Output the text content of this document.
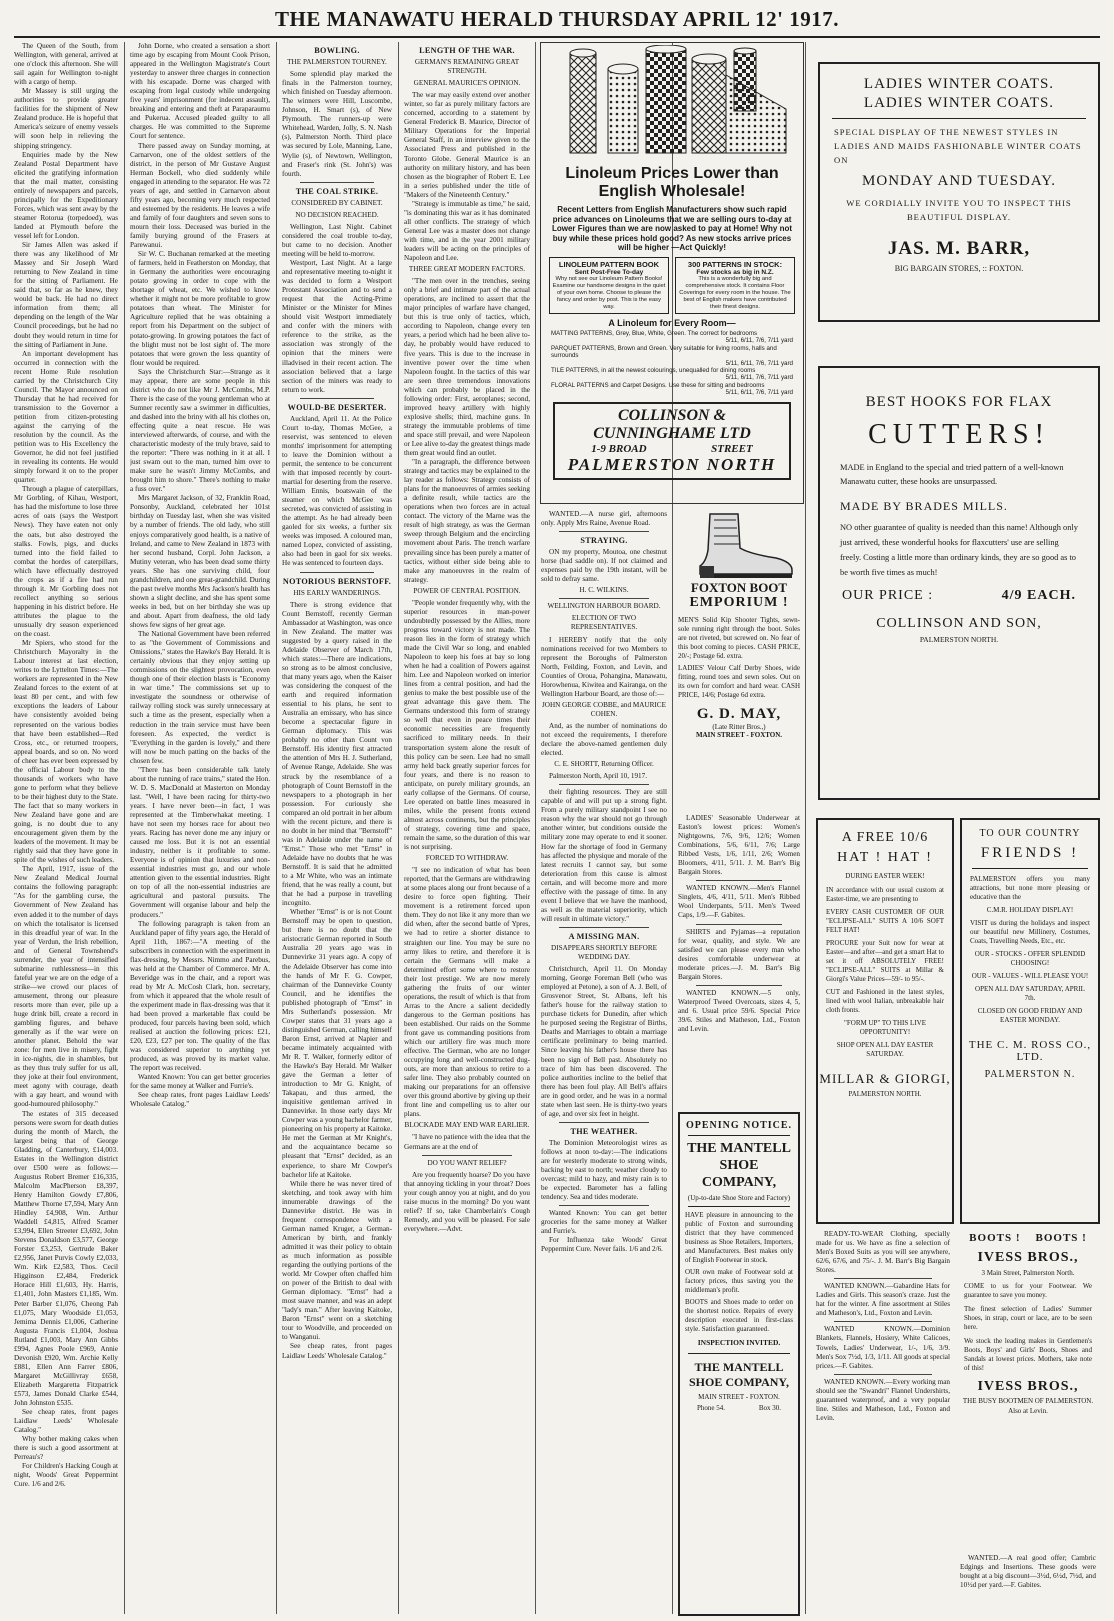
THE MANAWATU HERALD THURSDAY APRIL 12' 1917.

The Queen of the South, from Wellington, with general, arrived at one o'clock this afternoon. She will sail again for Wellington to-night with a cargo of hemp.

Mr Massey is still urging the authorities to provide greater facilities for the shipment of New Zealand produce. He is hopeful that America's seizure of enemy vessels will soon help in relieving the shipping stringency.

Enquiries made by the New Zealand Postal Department have elicited the gratifying information that the mail matter, consisting entirely of newspapers and parcels, principally for the Expeditionary Forces, which was sent away by the steamer Rotorua (torpedoed), was landed at Plymouth before the vessel left for London.

Sir James Allen was asked if there was any likelihood of Mr Massey and Sir Joseph Ward returning to New Zealand in time for the sitting of Parliament. He said that, so far as he knew, they would be back. He had no direct information from them; all depending on the length of the War Council proceedings, but he had no doubt they would return in time for the sitting of Parliament in June.

An important development has occurred in connection with the recent Home Rule resolution carried by the Christchurch City Council. The Mayor announced on Thursday that he had received for transmission to the Governor a petition from citizen-protesting against the carrying of the resolution by the council. As the petition was to His Excellency the Governor, he did not feel justified in revealing its contents. He would simply forward it on to the proper quarter.

Through a plague of caterpillars, Mr Gorbling, of Kihau, Westport, has had the misfortune to lose three acres of oats (says the Westport News). They have eaten not only the oats, but also destroyed the stalks. Fowls, pigs, and ducks turned into the field failed to combat the hordes of caterpillars, which have effectually destroyed the crops as if a fire had run through it. Mr Gorbling does not recollect anything so serious happening in his district before. He attributes the plague to the unusually dry season experienced on the coast.

Mr Spiers, who stood for the Christchurch Mayoralty in the Labour interest at last election, writes to the Lyttelton Times:—The workers are represented in the New Zealand forces to the extent of at least 80 per cent., and with few exceptions the leaders of Labour have consistently avoided being represented on the various bodies that have been established—Red Cross, etc., or returned troopers, appeal boards, and so on. No word of cheer has ever been expressed by the official Labour body to the thousands of workers who have gone to perform what they believe to be their highest duty to the State. The fact that so many workers in New Zealand have gone and are going, is no doubt due to any encouragement given them by the leaders of the movement. It may be rightly said that they have gone in spite of the wishes of such leaders.

The April, 1917, issue of the New Zealand Medical Journal contains the following paragraph: "As for the gambling curse, the Government of New Zealand has even added it to the number of days on which the totalisator is licensed in this dreadful year of war. In the year of Verdun, the Irish rebellion, and of General Townshend's surrender, the year of intensified submarine ruthlessness—in this fateful year we are on the edge of a strike—we crowd our places of amusement, throng our pleasure resorts more than ever, pile up a huge drink bill, create a record in gambling figures, and behave generally as if the war were on another planet. Behold the war zone: for men live in misery, fight in ice-nights, die in shambles, but as they thus truly suffer for us all, they joke at their foul environment, meet agony with courage, death with a gay heart, and wound with good-humoured philosophy."

The estates of 315 deceased persons were sworn for death duties during the month of March, the largest being that of George Gladding, of Canterbury, £14,003. Estates in the Wellington district over £500 were as follows:—Augustus Robert Bremer £16,335, Malcolm MacPherson £8,397, Henry Hamilton Gowdy £7,806, Matthew Thorne £7,594, Mary Ann Hindley £4,908, Wm. Arthur Waddell £4,815, Alfred Scamer £3,994, Ellen Streeter £3,692, John Stevens Donaldson £3,577, George Forster £3,253, Gertrude Baker £2,956, Janet Purvis Cowly £2,033, Wm. Kirk £2,583, Thos. Cecil Higginson £2,484, Frederick Horace Hill £1,603, Hy. Harris, £1,401, John Masters £1,185, Wm. Peter Barber £1,076, Cheong Pah £1,075, Mary Woodside £1,053, Jemima Dennis £1,006, Catherine Augusta Francis £1,004, Joshua Rutland £1,003, Mary Ann Gibbs £994, Agnes Poole £969, Annie Devonish £920, Wm. Archie Kelly £881, Ellen Ann Farrer £806, Margaret McGillivray £658, Elizabeth Margaretta Fitzpatrick £573, James Donald Clarke £544, John Johnston £535.

See cheap rates, front pages Laidlaw Leeds' Wholesale Catalog."

Why bother making cakes when there is such a good assortment at Perreau's?

For Children's Hacking Cough at night, Woods' Great Peppermint Cure. 1/6 and 2/6.

John Dorne, who created a sensation a short time ago by escaping from Mount Cook Prison, appeared in the Wellington Magistrate's Court yesterday to answer three charges in connection with his escapade. Dorne was charged with escaping from legal custody while undergoing five years' imprisonment (for indecent assault), breaking and entering and theft at Paraparaumu and Pukerua. Accused pleaded guilty to all charges. He was committed to the Supreme Court for sentence.

There passed away on Sunday morning, at Carnarvon, one of the oldest settlers of the district, in the person of Mr Gustave August Herman Bockell, who died suddenly while engaged in attending to the separator. He was 72 years of age, and settled in Carnarvon about fifty years ago, becoming very much respected and esteemed by the residents. He leaves a wife and family of four daughters and seven sons to mourn their loss. Deceased was buried in the family burying ground of the Frasers at Parewanui.

Sir W. C. Buchanan remarked at the meeting of farmers, held in Featherston on Monday, that in Germany the authorities were encouraging potato growing in order to cope with the shortage of wheat, etc. We wished to know whether it might not be more profitable to grow potatoes than wheat. The Minister for Agriculture replied that he was obtaining a report from his Department on the subject of potato-growing. In growing potatoes the fact of the blight must not be lost sight of. The more potatoes that were grown the less quantity of flour would be required.

Says the Christchurch Star:—Strange as it may appear, there are some people in this district who do not like Mr J. McCombs, M.P. There is the case of the young gentleman who at Sumner recently saw a swimmer in difficulties, and dashed into the briny with all his clothes on, effecting quite a neat rescue. He was interviewed afterwards, of course, and with the characteristic modesty of the truly brave, said to the reporter: "There was nothing in it at all. I just swam out to the man, turned him over to make sure he wasn't Jimmy McCombs, and brought him to shore." There's nothing to make a fuss over."

Mrs Margaret Jackson, of 32, Franklin Road, Ponsonby, Auckland, celebrated her 101st birthday on Tuesday last, when she was visited by a number of friends. The old lady, who still enjoys comparatively good health, is a native of Ireland, and came to New Zealand in 1873 with her second husband, Corpl. John Jackson, a Mutiny veteran, who has been dead some thirty years. She has one surviving child, four grandchildren, and one great-grandchild. During the past twelve months Mrs Jackson's health has shown a slight decline, and she has spent some weeks in bed, but on her birthday she was up and about. Apart from deafness, the old lady shows few signs of her great age.

The National Government have been referred to as "the Government of Commissions and Omissions," states the Hawke's Bay Herald. It is certainly obvious that they enjoy setting up commissions on the slightest provocation, even though one of their election blasts is "Economy in war time." The commissions set up to investigate the soundness or otherwise of railway rolling stock was surely unnecessary at such a time as the present, especially when a reduction in the train service must have been foreseen. As expected, the verdict is "Everything in the garden is lovely," and there will now be much patting on the backs of the chosen few.

"There has been considerable talk lately about the running of race trains," stated the Hon. W. D. S. MacDonald at Masterton on Monday last. "Well, I have been racing for thirty-two years. I have never been—in fact, I was represented at the Timberwhakat meeting. I have not seen my horses race for about two years. Racing has never done me any injury or caused me loss. But it is not an essential industry, neither is it profitable to some. Everyone is of opinion that luxuries and non-essential industries must go, and our whole attention given to the essential industries. Right on top of all the non-essential industries are agricultural and pastoral pursuits. The Government will organise labour and help the producers."

The following paragraph is taken from an Auckland paper of fifty years ago, the Herald of April 11th, 1867:—"A meeting of the subscribers in connection with the experiment in flax-dressing, by Messrs. Nimmo and Parebus, was held at the Chamber of Commerce. Mr A. Beveridge was in the chair, and a report was read by Mr A. McCosh Clark, hon. secretary, from which it appeared that the whole result of the experiment made in flax-dressing was that it had been proved a marketable flax could be produced, four parcels having been sold, which realised at auction the following prices: £21, £20, £23, £27 per ton. The quality of the flax was considered superior to anything yet produced, as was proved by its market value. The report was received.

Wanted Known: You can get better groceries for the same money at Walker and Furrie's.

See cheap rates, front pages Laidlaw Leeds' Wholesale Catalog."

BOWLING.
THE PALMERSTON TOURNEY.

Some splendid play marked the finals in the Palmerston tourney, which finished on Tuesday afternoon. The winners were Hill, Luscombe, Johnson, H. Smart (s), of New Plymouth. The runners-up were Whitehead, Warden, Jolly, S. N. Nash (s), Palmerston North. Third place was secured by Lole, Manning, Lane, Wylie (s), of Newtown, Wellington, and Fraser's rink (St. John's) was fourth.

THE COAL STRIKE.
CONSIDERED BY CABINET.
NO DECISION REACHED.

Wellington, Last Night. Cabinet considered the coal trouble to-day, but came to no decision. Another meeting will be held to-morrow.

Westport, Last Night. At a large and representative meeting to-night it was decided to form a Westport Protestant Association and to send a request that the Acting-Prime Minister or the Minister for Mines should visit Westport immediately and confer with the miners with reference to the strike, as the association was strongly of the opinion that the miners were illadvised in their recent action. The association believed that a large section of the miners was ready to return to work.

WOULD-BE DESERTER.

Auckland, April 11. At the Police Court to-day, Thomas McGee, a reservist, was sentenced to eleven months' imprisonment for attempting to leave the Dominion without a permit, the sentence to be concurrent with that imposed recently by court-martial for deserting from the reserve. William Ennis, boatswain of the steamer on which McGee was secreted, was convicted of assisting in the attempt. As he had already been gaoled for six weeks, a further six weeks was imposed. A coloured man, named Lopez, convicted of assisting, also had been in gaol for six weeks. He was sentenced to fourteen days.

NOTORIOUS BERNSTOFF.
HIS EARLY WANDERINGS.

There is strong evidence that Count Bernstoff, recently German Ambassador at Washington, was once in New Zealand. The matter was suggested by a query raised in the Adelaide Observer of March 17th, which states:—There are indications, so strong as to be almost conclusive, that many years ago, when the Kaiser was considering the conquest of the earth and required information essential to his plans, he sent to Australia an emissary, who has since become a spectacular figure in German diplomacy. This was probably no other than Count von Bernstoff. His identity first attracted the attention of Mrs H. J. Sutherland, of Avenue Range, Adelaide. She was struck by the resemblance of a photograph of Count Bernstoff in the newspapers to a photograph in her possession. For curiously she compared an old portrait in her album with the recent picture, and there is no doubt in her mind that "Bernstoff" was in Adelaide under the name of "Ernst." Those who met "Ernst" in Adelaide have no doubts that he was Bernstoff. It is said that he admitted to a Mr White, who was an intimate friend, that he was really a count, but that he had a purpose in travelling incognito.

Whether "Ernst" is or is not Count Bernstoff may be open to question, but there is no doubt that the aristocratic German reported in South Australia 20 years ago was in Dunnevirke 31 years ago. A copy of the Adelaide Observer has come into the hands of Mr F. G. Cowper, chairman of the Dannevirke County Council, and he identifies the published photograph of "Ernst" in Mrs Sutherland's possession. Mr Cowper states that 31 years ago a distinguished German, calling himself Baron Ernst, arrived at Napier and became intimately acquainted with Mr R. T. Walker, formerly editor of the Hawke's Bay Herald. Mr Walker gave the German a letter of introduction to Mr G. Knight, of Takapau, and thus armed, the inquisitive gentleman arrived in Dannevirke. In those early days Mr Cowper was a young bachelor farmer, pioneering on his property at Kaitoke. He met the German at Mr Knight's, and the acquaintance became so pleasant that "Ernst" decided, as an experience, to share Mr Cowper's bachelor life at Kaitoke.

While there he was never tired of sketching, and took away with him innumerable drawings of the Dannevirke district. He was in frequent correspondence with a German named Kruger, a German-American by birth, and frankly admitted it was their policy to obtain as much information as possible regarding the outlying portions of the world. Mr Cowper often chaffed him on power of the British to deal with German diplomacy. "Ernst" had a most suave manner, and was an adept "lady's man." After leaving Kaitoke, Baron "Ernst" went on a sketching tour to Woodville, and proceeded on to Wanganui.

See cheap rates, front pages Laidlaw Leeds' Wholesale Catalog."

LENGTH OF THE WAR.
GERMAN'S REMAINING GREAT STRENGTH.
GENERAL MAURICE'S OPINION.

The war may easily extend over another winter, so far as purely military factors are concerned, according to a statement by General Frederick B. Maurice, Director of Military Operations for the Imperial General Staff, in an interview given to the Associated Press and published in the Toronto Globe. General Maurice is an authority on military history, and has been chosen as the biographer of Robert E. Lee in a series published under the title of "Makers of the Nineteenth Century."

"Strategy is immutable as time," he said, "is dominating this war as it has dominated all other conflicts. The strategy of which General Lee was a master does not change with time, and in the year 2001 military leaders will be acting on the principles of Napoleon and Lee.

THREE GREAT MODERN FACTORS.

"The men over in the trenches, seeing only a brief and intimate part of the actual operations, are inclined to assert that the major principles of warfare have changed, but this is true only of tactics, which, according to Napoleon, change every ten years, a period which had he been alive to-day, he probably would have reduced to five years. This is due to the increase in inventive power over the time when Napoleon fought. In the tactics of this war are seen three tremendous innovations which can probably be placed in the following order: First, aeroplanes; second, improved heavy artillery with highly explosive shells; third, machine guns. In strategy the immutable problems of time and space still prevail, and were Napoleon or Lee alive to-day the greatest things made them great would find an outlet.

"In a paragraph, the difference between strategy and tactics may be explained to the lay reader as follows: Strategy consists of plans for the manoeuvres of armies seeking a definite result, while tactics are the operations when two forces are in actual contact. The victory of the Marne was the result of high strategy, as was the German sweep through Belgium and the encircling movement about Paris. The trench warfare prevailing since has been purely a matter of tactics, without either side being able to make any manoeuvres in the realm of strategy.

POWER OF CENTRAL POSITION.

"People wonder frequently why, with the superior resources in man-power undoubtedly possessed by the Allies, more progress toward victory is not made. The reason lies in the form of strategy which made the Civil War so long, and enabled Napoleon to keep his foes at bay so long when he had a coalition of Powers against him. Lee and Napoleon worked on interior lines from a central position, and had the genius to make the best possible use of the great advantage this gave them. The Germans understood this form of strategy so well that even in peace times their economic necessities are frequently sacrificed to military needs. In their transportation system alone the result of this policy can be seen. Lee had no small army held back greatly superior forces for four years, and there is no reason to anticipate, on purely military grounds, an early collapse of the Germans. Of course, Lee operated on battle lines measured in miles, while the present fronts extend almost across continents, but the principles of strategy, covering time and space, remain the same, so the duration of this war is not surprising.

FORCED TO WITHDRAW.

"I see no indication of what has been reported, that the Germans are withdrawing at some places along our front because of a desire to force open fighting. Their movement is a retirement forced upon them. They do not like it any more than we did when, after the second battle of Ypres, we had to retire a shorter distance to straighten our line. You may be sure no army likes to retire, and therefore it is certain the Germans will make a determined effort some where to restore their lost prestige. We are now merely gathering the fruits of our winter operations, the result of which is that from Arras to the Ancre a salient decidedly dangerous to the German positions has been established. Our raids on the Somme front gave us commanding positions from which our artillery fire was much more effective. The German, who are no longer occupying long and well-constructed dug-outs, are more than anxious to retire to a safer line. They also probably counted on making our preparations for an offensive over this ground abortive by giving up their front line and compelling us to alter our plans.

BLOCKADE MAY END WAR EARLIER.

"I have no patience with the idea that the Germans are at the end of

DO YOU WANT RELIEF?

Are you frequently hoarse? Do you have that annoying tickling in your throat? Does your cough annoy you at night, and do you raise mucus in the morning? Do you want relief? If so, take Chamberlain's Cough Remedy, and you will be pleased. For sale everywhere.—Advt.

Linoleum Prices Lower than English Wholesale!
Recent Letters from English Manufacturers show such rapid price advances on Linoleums that we are selling ours to-day at Lower Figures than we are now asked to pay at Home! Why not buy while these prices hold good? As new stocks arrive prices will be higher —Act Quickly!
LINOLEUM PATTERN BOOK
Sent Post-Free To-day
Why not see our Linoleum Pattern Books! Examine our handsome designs in the quiet of your own home. Choose to please the fancy and order by post. This is the easy way.
300 PATTERNS IN STOCK:
Few stocks as big in N.Z.
This is a wonderfully big and comprehensive stock. It contains Floor Coverings for every room in the house. The best of English makers have contributed their finest designs.
A Linoleum for Every Room—
MATTING PATTERNS, Grey, Blue, White, Green. The correct for bedrooms
5/11, 6/11, 7/6, 7/11 yard
PARQUET PATTERNS, Brown and Green. Very suitable for living rooms, halls and surrounds
5/11, 6/11, 7/6, 7/11 yard
TILE PATTERNS, in all the newest colourings, unequalled for dining rooms
5/11, 6/11, 7/6, 7/11 yard
FLORAL PATTERNS and Carpet Designs. Use these for sitting and bedrooms
5/11, 6/11, 7/6, 7/11 yard
COLLINSON & CUNNINGHAME LTD
1-9 BROAD	STREET
PALMERSTON NORTH

WANTED.—A nurse girl, afternoons only. Apply Mrs Raine, Avenue Road.

STRAYING.

ON my property, Moutoa, one chestnut horse (had saddle on). If not claimed and expenses paid by the 19th instant, will be sold to defray same.

H. C. WILKINS.
WELLINGTON HARBOUR BOARD.
ELECTION OF TWO REPRESENTATIVES.

I HEREBY notify that the only nominations received for two Members to represent the Boroughs of Palmerston North, Feilding, Foxton, and Levin, and Counties of Oroua, Pohangina, Manawatu, Horowhenua, Kiwitea and Kairanga, on the Wellington Harbour Board, are those of:—

JOHN GEORGE COBBE, and MAURICE COHEN.

And, as the number of nominations do not exceed the requirements, I therefore declare the above-named gentlemen duly elected.

C. E. SHORTT, Returning Officer.

Palmerston North, April 10, 1917.

their fighting resources. They are still capable of and will put up a strong fight. From a purely military standpoint I see no reason why the war should not go through another winter, but conditions outside the military zone may operate to end it sooner. How far the shortage of food in Germany has affected the physique and morale of the latest recruits I cannot say, but some deterioration from this cause is almost certain, and will become more and more effective with the passage of time. In any event I believe that we have the manhood, as well as the material superiority, which will result in ultimate victory."

A MISSING MAN.
DISAPPEARS SHORTLY BEFORE WEDDING DAY.

Christchurch, April 11. On Monday morning, George Foreman Bell (who was employed at Petone), a son of A. J. Bell, of Grosvenor Street, St. Albans, left his father's house for the railway station to purchase tickets for Dunedin, after which he purposed seeing the Registrar of Births, Deaths and Marriages to obtain a marriage certificate preliminary to being married. Since leaving his father's house there has been no sign of Bell past. Absolutely no trace of him has been discovered. The police authorities incline to the belief that there has been foul play. All Bell's affairs are in good order, and he was in a normal state when last seen. He is thirty-two years of age, and over six feet in height.

THE WEATHER.

The Dominion Meteorologist wires as follows at noon to-day:—The indications are for westerly moderate to strong winds, backing by east to north; weather cloudy to overcast; mild to hazy, and misty rain is to be expected. Barometer has a falling tendency. Sea and tides moderate.

Wanted Known: You can get better groceries for the same money at Walker and Furrie's.

For Influenza take Woods' Great Peppermint Cure. Never fails. 1/6 and 2/6.

FOXTON BOOT
EMPORIUM !

MEN'S Solid Kip Shooter Tights, sewn-sole running right through the boot. Soles are not riveted, but screwed on. No fear of this boot coming to pieces. CASH PRICE, 20/-; Postage 6d. extra.

LADIES' Velour Calf Derby Shoes, wide fitting, round toes and sewn soles. Out on its own for comfort and hard wear. CASH PRICE, 14/6; Postage 6d extra.

G. D. MAY,
(Late Ritter Bros.,)
MAIN STREET - FOXTON.

LADIES' Seasonable Underwear at Easton's lowest prices: Women's Nightgowns, 7/6, 9/6, 12/6; Women Combinations, 5/6, 6/11, 7/6; Large Ribbed Vests, 1/6, 1/11, 2/6; Women Bloomers, 4/11, 5/11. J. M. Barr's Big Bargain Stores.

WANTED KNOWN.—Men's Flannel Singlets, 4/6, 4/11, 5/11. Men's Ribbed Wool Underpants, 5/11. Men's Tweed Caps, 1/9.—F. Gabites.

SHIRTS and Pyjamas—a reputation for wear, quality, and style. We are satisfied we can please every man who desires comfortable underwear at moderate prices.—J. M. Barr's Big Bargain Stores.

WANTED KNOWN.—5 only, Waterproof Tweed Overcoats, sizes 4, 5, and 6. Usual price 59/6. Special Price 39/6. Stiles and Matheson, Ltd., Foxton and Levin.

OPENING NOTICE.
THE MANTELL SHOE COMPANY,
(Up-to-date Shoe Store and Factory)

HAVE pleasure in announcing to the public of Foxton and surrounding district that they have commenced business as Shoe Retailers, Importers, and Manufacturers. Best makes only of English Footwear in stock.

OUR own make of Footwear sold at factory prices, thus saving you the middleman's profit.

BOOTS and Shoes made to order on the shortest notice. Repairs of every description executed in first-class style. Satisfaction guaranteed.

INSPECTION INVITED.
THE MANTELL SHOE COMPANY,
MAIN STREET - FOXTON.
Phone 54.	Box 30.
LADIES WINTER COATS.
LADIES WINTER COATS.
SPECIAL DISPLAY OF THE NEWEST STYLES IN LADIES AND MAIDS FASHIONABLE WINTER COATS ON
MONDAY AND TUESDAY.
WE CORDIALLY INVITE YOU TO INSPECT THIS BEAUTIFUL DISPLAY.
JAS. M. BARR,
BIG BARGAIN STORES, :: FOXTON.
BEST HOOKS FOR FLAX
CUTTERS!
MADE in England to the special and tried pattern of a well-known Manawatu cutter, these hooks are unsurpassed.
MADE BY BRADES MILLS.
NO other guarantee of quality is needed than this name! Although only just arrived, these wonderful hooks for flaxcutters' use are selling freely. Costing a little more than ordinary kinds, they are so good as to be worth five times as much!
OUR PRICE :	4/9 EACH.
COLLINSON AND SON,
PALMERSTON NORTH.
A FREE 10/6
HAT ! HAT !
DURING EASTER WEEK!

IN accordance with our usual custom at Easter-time, we are presenting to

EVERY CASH CUSTOMER OF OUR "ECLIPSE-ALL" SUITS A 10/6 SOFT FELT HAT!

PROCURE your Suit now for wear at Easter—and after—and get a smart Hat to set it off ABSOLUTELY FREE! "ECLIPSE-ALL" SUITS at Millar & Giorgi's Value Prices—59/- to 95/-.

CUT and Fashioned in the latest styles, lined with wool Italian, unbreakable hair cloth fronts.

"FORM UP" TO THIS LIVE OPPORTUNITY!

SHOP OPEN ALL DAY EASTER SATURDAY.

MILLAR & GIORGI,
PALMERSTON NORTH.
TO OUR COUNTRY
FRIENDS !

PALMERSTON offers you many attractions, but none more pleasing or educative than the

C.M.R. HOLIDAY DISPLAY!

VISIT us during the holidays and inspect our beautiful new Millinery, Costumes, Coats, Travelling Needs, Etc., etc.

OUR - STOCKS - OFFER SPLENDID CHOOSING!

OUR - VALUES - WILL PLEASE YOU!

OPEN ALL DAY SATURDAY, APRIL 7th.

CLOSED ON GOOD FRIDAY AND EASTER MONDAY.

THE C. M. ROSS CO., LTD.
PALMERSTON N.

READY-TO-WEAR Clothing, specially made for us. We have as fine a selection of Men's Boxed Suits as you will see anywhere, 62/6, 67/6, and 75/-. J. M. Barr's Big Bargain Stores.

WANTED KNOWN.—Gabardine Hats for Ladies and Girls. This season's craze. Just the hat for the winter. A fine assortment at Stiles and Matheson's, Ltd., Foxton and Levin.

WANTED KNOWN.—Dominion Blankets, Flannels, Hosiery, White Calicoes, Towels, Ladies' Underwear, 1/-, 1/6, 3/9. Men's Sox 7½d, 1/3, 1/11. All goods at special prices.—F. Gabites.

WANTED KNOWN.—Every working man should see the "Swandri" Flannel Undershirts, guaranteed waterproof, and a very popular line. Stiles and Matheson, Ltd., Foxton and Levin.

BOOTS !    BOOTS !
IVESS BROS.,
3 Main Street, Palmerston North.

COME to us for your Footwear. We guarantee to save you money.

The finest selection of Ladies' Summer Shoes, in strap, court or lace, are to be seen here.

We stock the leading makes in Gentlemen's Boots, Boys' and Girls' Boots, Shoes and Sandals at lowest prices. Mothers, take note of this!

IVESS BROS.,
THE BUSY BOOTMEN OF PALMERSTON.
Also at Levin.

WANTED.—A real good offer; Cambric Edgings and Insertions. These goods were bought at a big discount—3½d, 6½d, 7½d, and 10½d per yard.—F. Gabites.
